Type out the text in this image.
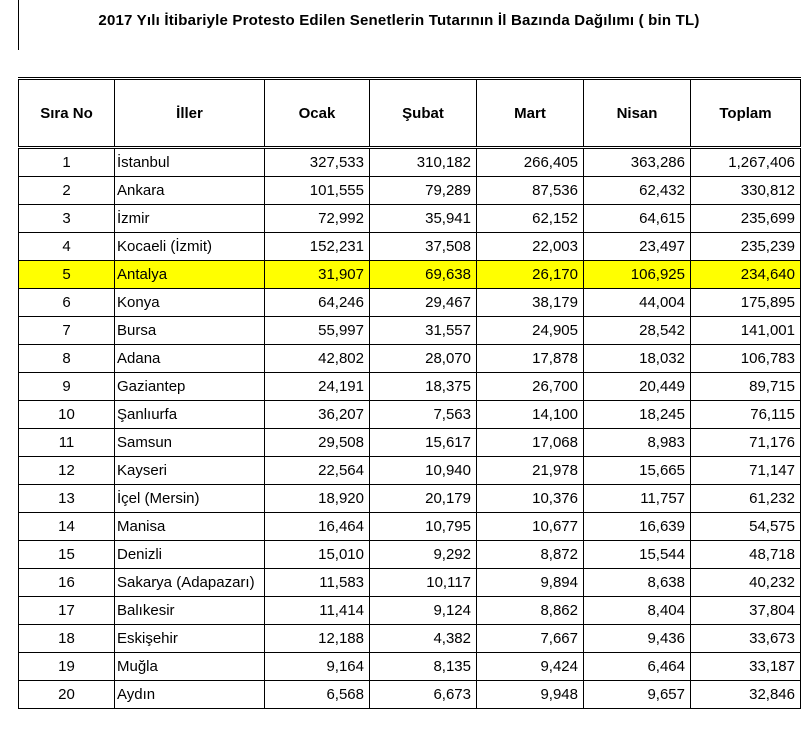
2017 Yılı İtibariyle Protesto Edilen Senetlerin Tutarının İl Bazında Dağılımı ( bin TL)
Sıra No	İller	Ocak	Şubat	Mart	Nisan	Toplam
1	İstanbul	327,533	310,182	266,405	363,286	1,267,406
2	Ankara	101,555	79,289	87,536	62,432	330,812
3	İzmir	72,992	35,941	62,152	64,615	235,699
4	Kocaeli (İzmit)	152,231	37,508	22,003	23,497	235,239
5	Antalya	31,907	69,638	26,170	106,925	234,640
6	Konya	64,246	29,467	38,179	44,004	175,895
7	Bursa	55,997	31,557	24,905	28,542	141,001
8	Adana	42,802	28,070	17,878	18,032	106,783
9	Gaziantep	24,191	18,375	26,700	20,449	89,715
10	Şanlıurfa	36,207	7,563	14,100	18,245	76,115
11	Samsun	29,508	15,617	17,068	8,983	71,176
12	Kayseri	22,564	10,940	21,978	15,665	71,147
13	İçel (Mersin)	18,920	20,179	10,376	11,757	61,232
14	Manisa	16,464	10,795	10,677	16,639	54,575
15	Denizli	15,010	9,292	8,872	15,544	48,718
16	Sakarya (Adapazarı)	11,583	10,117	9,894	8,638	40,232
17	Balıkesir	11,414	9,124	8,862	8,404	37,804
18	Eskişehir	12,188	4,382	7,667	9,436	33,673
19	Muğla	9,164	8,135	9,424	6,464	33,187
20	Aydın	6,568	6,673	9,948	9,657	32,846
